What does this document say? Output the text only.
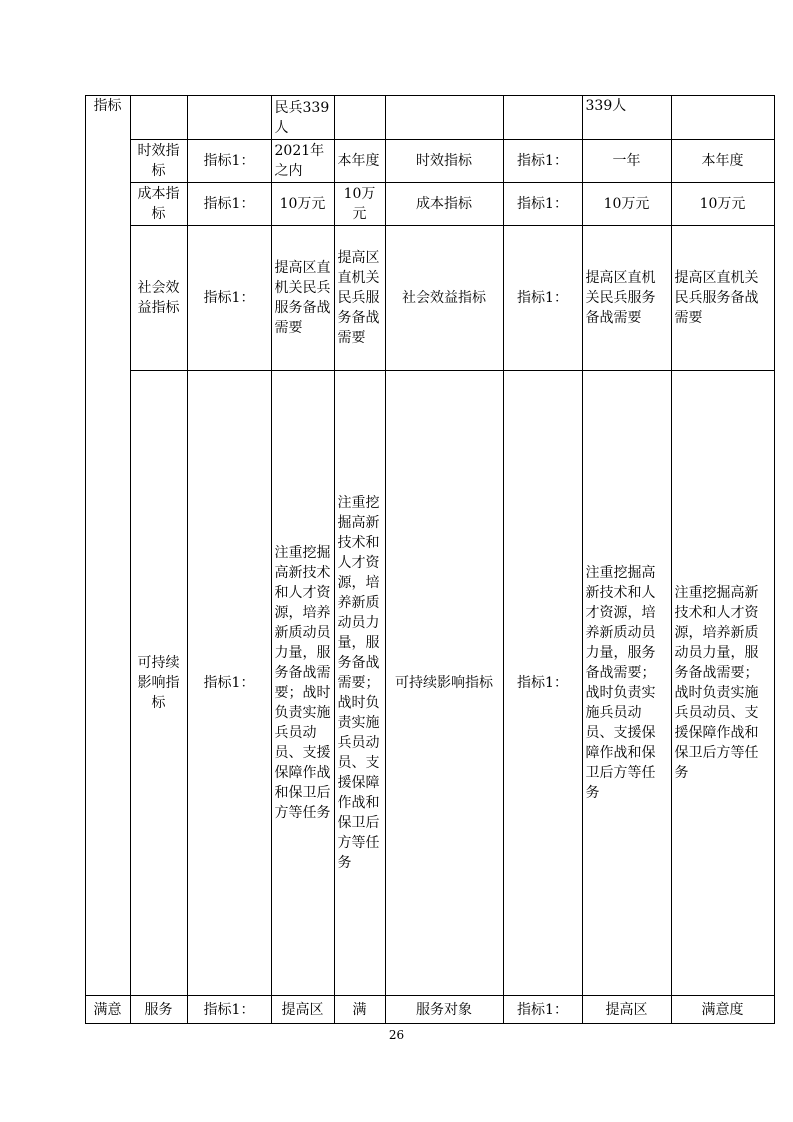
	指标			民兵339人				339人	
		时效指标	指标1：	2021年之内	本年度	时效指标	指标1：	一年	本年度
		成本指标	指标1：	10万元	10万元	成本指标	指标1：	10万元	10万元
		社会效益指标	指标1：	提高区直机关民兵服务备战需要	提高区直机关民兵服务备战需要	社会效益指标	指标1：	提高区直机关民兵服务备战需要	提高区直机关民兵服务备战需要
		可持续影响指标	指标1：	注重挖掘高新技术和人才资源，培养新质动员力量，服务备战需要；战时负责实施兵员动员、支援保障作战和保卫后方等任务	注重挖掘高新技术和人才资源，培养新质动员力量，服务备战需要；战时负责实施兵员动员、支援保障作战和保卫后方等任务	可持续影响指标	指标1：	注重挖掘高新技术和人才资源，培养新质动员力量，服务备战需要；战时负责实施兵员动员、支援保障作战和保卫后方等任务	注重挖掘高新技术和人才资源，培养新质动员力量，服务备战需要；战时负责实施兵员动员、支援保障作战和保卫后方等任务
	满意	服务	指标1：	提高区	满	服务对象	指标1：	提高区	满意度
26
